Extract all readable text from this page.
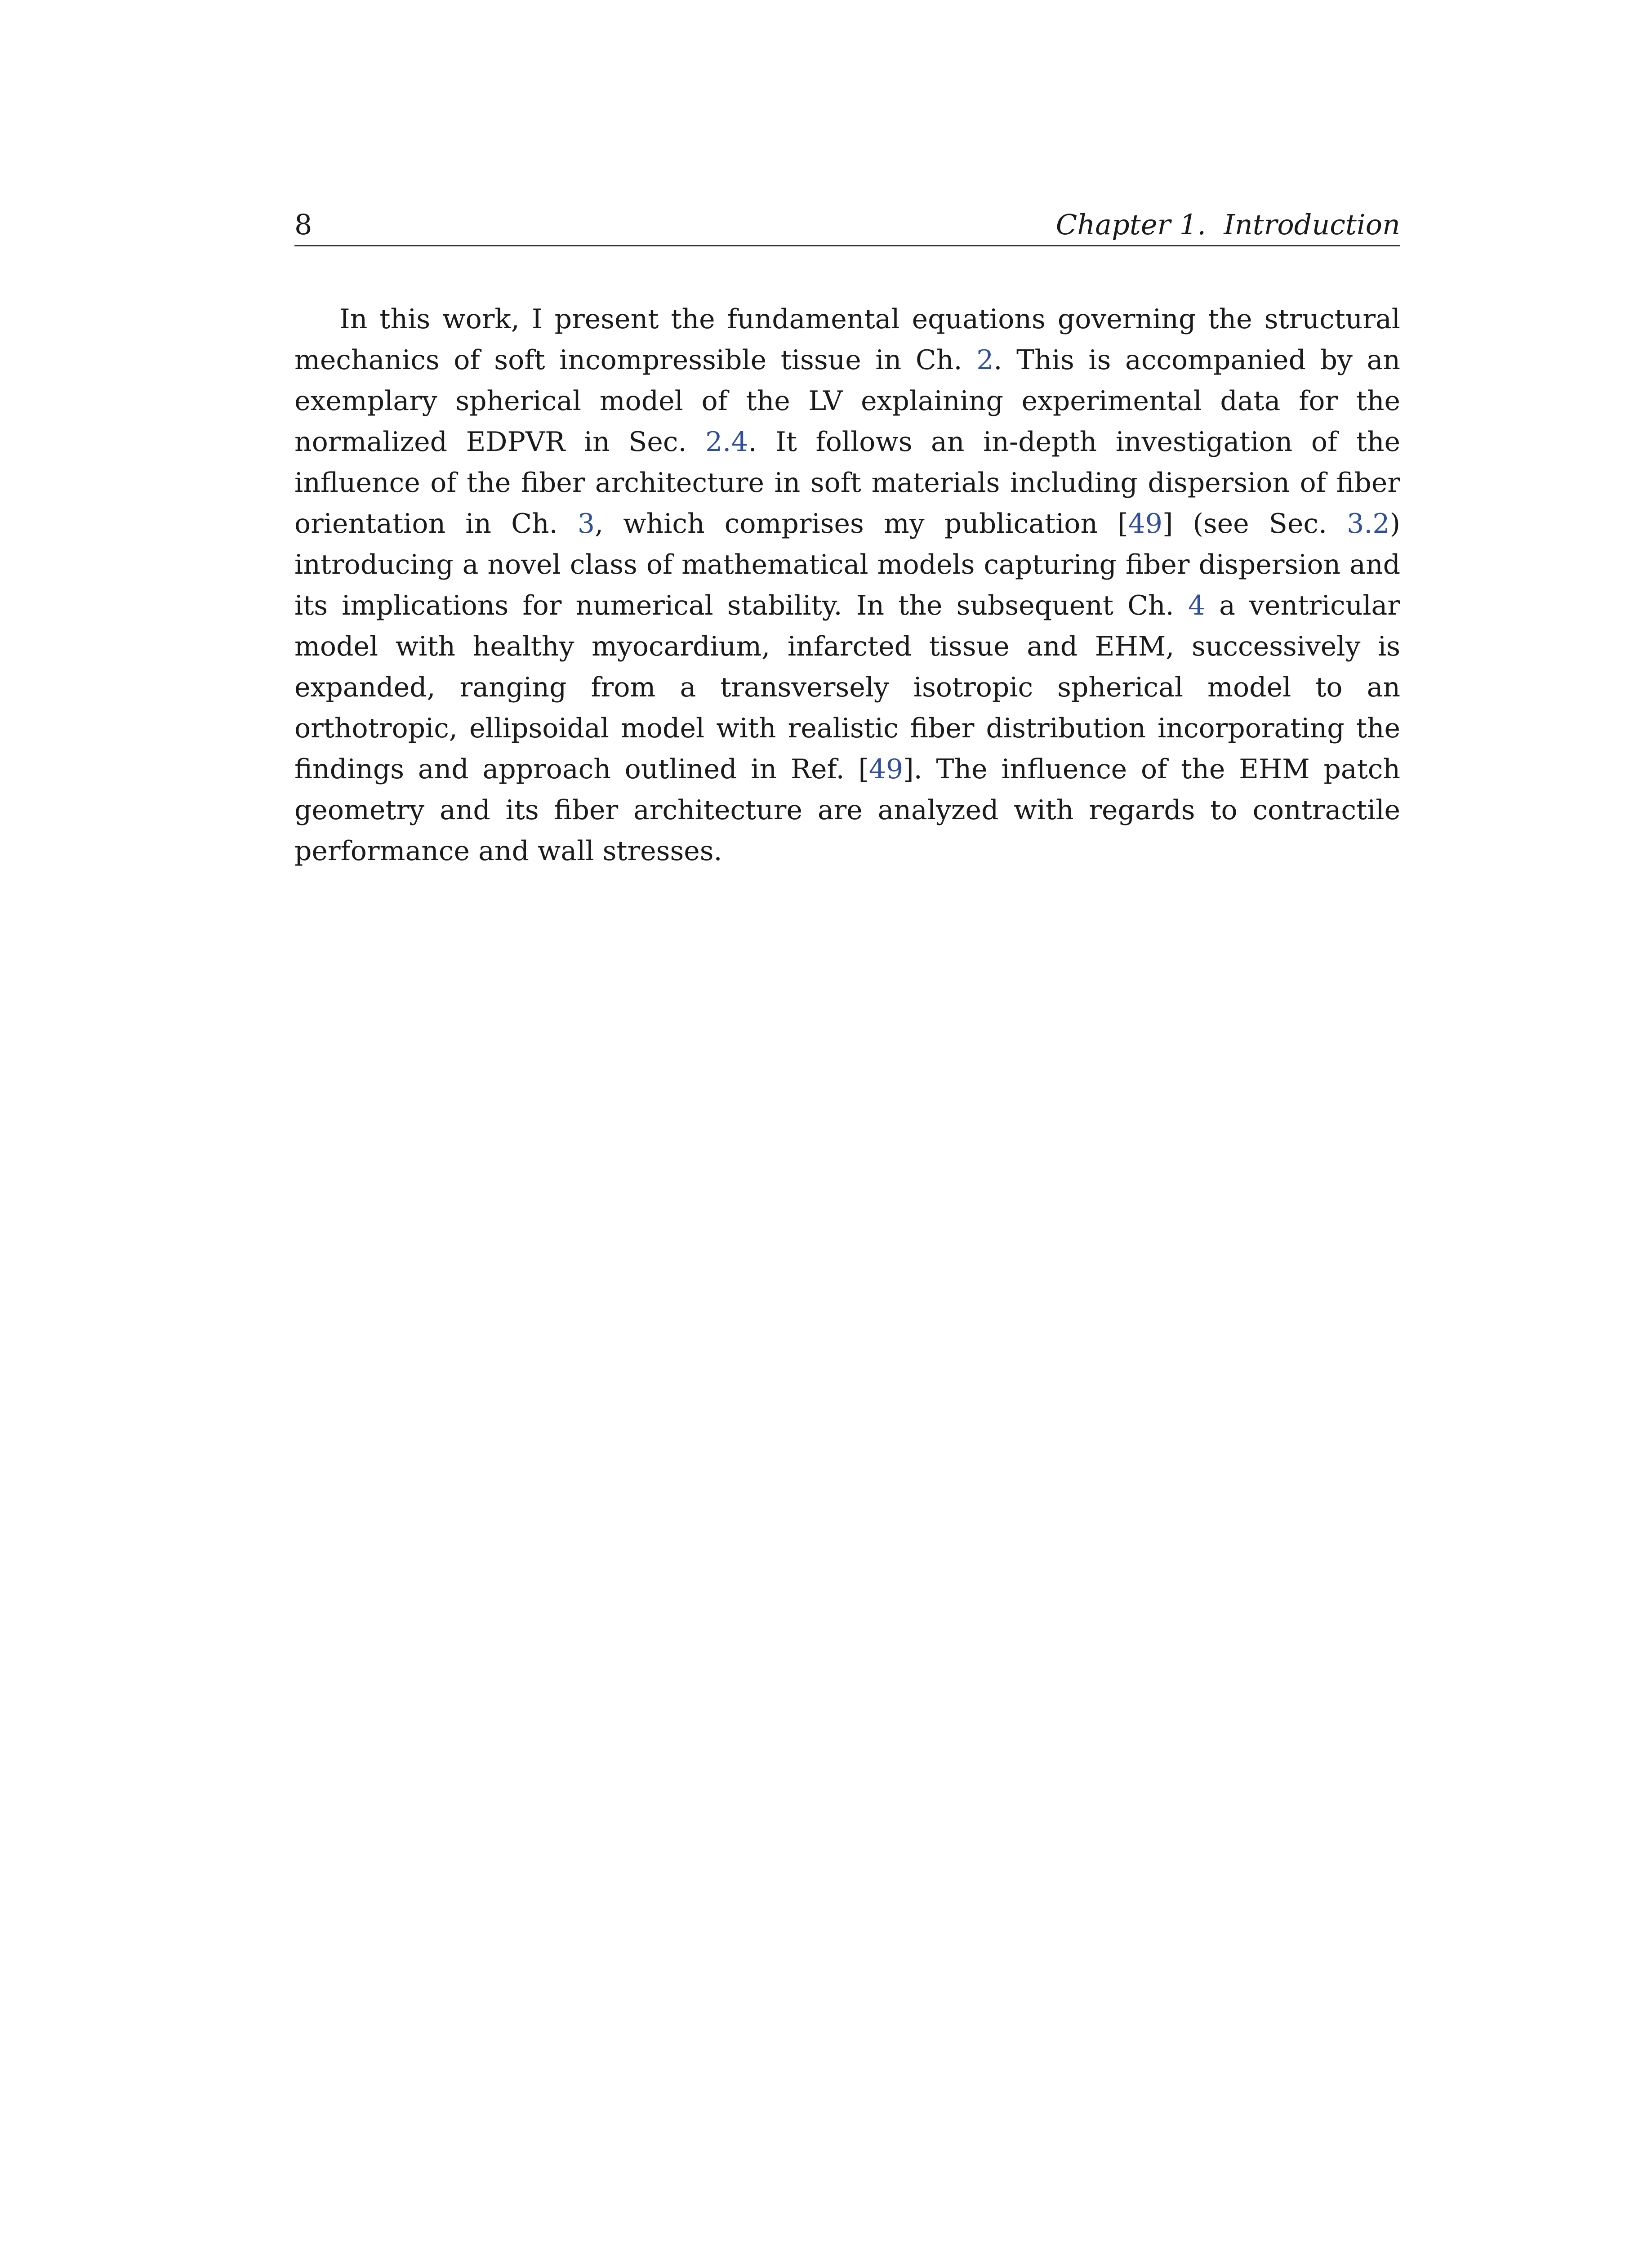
8	Chapter 1.  Introduction

In this work, I present the fundamental equations governing the structural mechanics of soft incompressible tissue in Ch. 2. This is accompanied by an exemplary spherical model of the LV explaining experimental data for the normalized EDPVR in Sec. 2.4. It follows an in-depth investigation of the influence of the fiber architecture in soft materials including dispersion of fiber orientation in Ch. 3, which comprises my publication [49] (see Sec. 3.2) introducing a novel class of mathematical models capturing fiber dispersion and its implications for numerical stability. In the subsequent Ch. 4 a ventricular model with healthy myocardium, infarcted tissue and EHM, successively is expanded, ranging from a transversely isotropic spherical model to an orthotropic, ellipsoidal model with realistic fiber distribution incorporating the findings and approach outlined in Ref. [49]. The influence of the EHM patch geometry and its fiber architecture are analyzed with regards to contractile performance and wall stresses.
